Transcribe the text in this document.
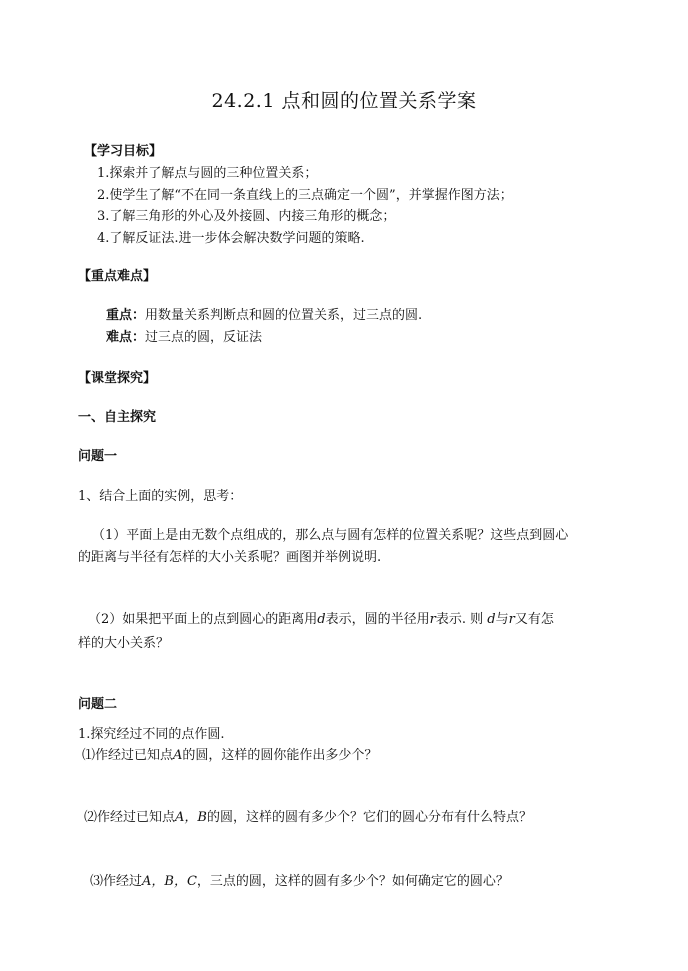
24.2.1 点和圆的位置关系学案
【学习目标】
1.探索并了解点与圆的三种位置关系；
2.使学生了解“不在同一条直线上的三点确定一个圆”，并掌握作图方法；
3.了解三角形的外心及外接圆、内接三角形的概念；
4.了解反证法.进一步体会解决数学问题的策略.
【重点难点】
重点：用数量关系判断点和圆的位置关系，过三点的圆.
难点：过三点的圆，反证法
【课堂探究】
一、自主探究
问题一
1、结合上面的实例，思考：
（1）平面上是由无数个点组成的，那么点与圆有怎样的位置关系呢？这些点到圆心
的距离与半径有怎样的大小关系呢？画图并举例说明.
（2）如果把平面上的点到圆心的距离用d表示，圆的半径用r表示. 则 d与r又有怎
样的大小关系？
问题二
1.探究经过不同的点作圆.
⑴作经过已知点A的圆，这样的圆你能作出多少个？
⑵作经过已知点A，B的圆，这样的圆有多少个？它们的圆心分布有什么特点？
⑶作经过A，B，C，三点的圆，这样的圆有多少个？如何确定它的圆心？
